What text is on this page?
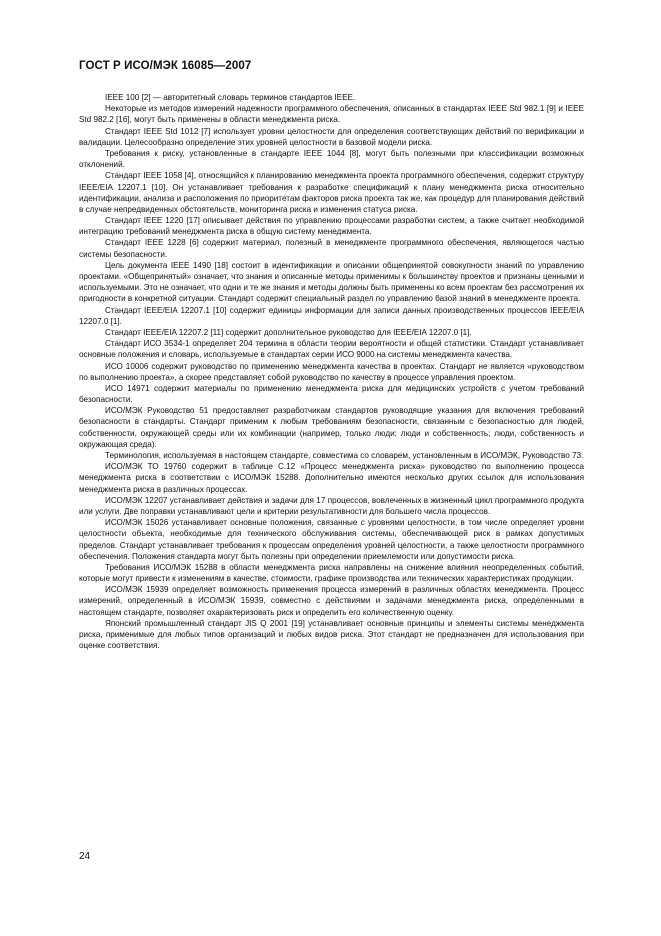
ГОСТ Р ИСО/МЭК 16085—2007

IEEE 100 [2] — авторитетный словарь терминов стандартов IEEE.

Некоторые из методов измерений надежности программного обеспечения, описанных в стандартах IEEE Std 982.1 [9] и IEEE Std 982.2 [16], могут быть применены в области менеджмента риска.

Стандарт IEEE Std 1012 [7] использует уровни целостности для определения соответствующих действий по верификации и валидации. Целесообразно определение этих уровней целостности в базовой модели риска.

Требования к риску, установленные в стандарте IEEE 1044 [8], могут быть полезными при классификации возможных отклонений.

Стандарт IEEE 1058 [4], относящийся к планированию менеджмента проекта программного обеспечения, содержит структуру IEEE/EIA 12207.1 [10]. Он устанавливает требования к разработке спецификаций к плану менеджмента риска относительно идентификации, анализа и расположения по приоритетам факторов риска проекта так же, как процедур для планирования действий в случае непредвиденных обстоятельств, мониторинга риска и изменения статуса риска.

Стандарт IEEE 1220 [17] описывает действия по управлению процессами разработки систем, а также считает необходимой интеграцию требований менеджмента риска в общую систему менеджмента.

Стандарт IEEE 1228 [6] содержит материал, полезный в менеджменте программного обеспечения, являющегося частью системы безопасности.

Цель документа IEEE 1490 [18] состоит в идентификации и описании общепринятой совокупности знаний по управлению проектами. «Общепринятый» означает, что знания и описанные методы применимы к большинству проектов и признаны ценными и используемыми. Это не означает, что одни и те же знания и методы должны быть применены ко всем проектам без рассмотрения их пригодности в конкретной ситуации. Стандарт содержит специальный раздел по управлению базой знаний в менеджменте проекта.

Стандарт IEEE/EIA 12207.1 [10] содержит единицы информации для записи данных производственных процессов IEEE/EIA 12207.0 [1].

Стандарт IEEE/EIA 12207.2 [11] содержит дополнительное руководство для IEEE/EIA 12207.0 [1].

Стандарт ИСО 3534-1 определяет 204 термина в области теории вероятности и общей статистики. Стандарт устанавливает основные положения и словарь, используемые в стандартах серии ИСО 9000 на системы менеджмента качества.

ИСО 10006 содержит руководство по применению менеджмента качества в проектах. Стандарт не является «руководством по выполнению проекта», а скорее представляет собой руководство по качеству в процессе управления проектом.

ИСО 14971 содержит материалы по применению менеджмента риска для медицинских устройств с учетом требований безопасности.

ИСО/МЭК Руководство 51 предоставляет разработчикам стандартов руководящие указания для включения требований безопасности в стандарты. Стандарт применим к любым требованиям безопасности, связанным с безопасностью для людей, собственности, окружающей среды или их комбинации (например, только люди; люди и собственность; люди, собственность и окружающая среда).

Терминология, используемая в настоящем стандарте, совместима со словарем, установленным в ИСО/МЭК, Руководство 73.

ИСО/МЭК ТО 19760 содержит в таблице С.12 «Процесс менеджмента риска» руководство по выполнению процесса менеджмента риска в соответствии с ИСО/МЭК 15288. Дополнительно имеются несколько других ссылок для использования менеджмента риска в различных процессах.

ИСО/МЭК 12207 устанавливает действия и задачи для 17 процессов, вовлеченных в жизненный цикл программного продукта или услуги. Две поправки устанавливают цели и критерии результативности для большего числа процессов.

ИСО/МЭК 15026 устанавливает основные положения, связанные с уровнями целостности, в том числе определяет уровни целостности объекта, необходимые для технического обслуживания системы, обеспечивающей риск в рамках допустимых пределов. Стандарт устанавливает требования к процессам определения уровней целостности, а также целостности программного обеспечения. Положения стандарта могут быть полезны при определении приемлемости или допустимости риска.

Требования ИСО/МЭК 15288 в области менеджмента риска направлены на снижение влияния неопределенных событий, которые могут привести к изменениям в качестве, стоимости, графике производства или технических характеристиках продукции.

ИСО/МЭК 15939 определяет возможность применения процесса измерений в различных областях менеджмента. Процесс измерений, определенный в ИСО/МЭК 15939, совместно с действиями и задачами менеджмента риска, определенными в настоящем стандарте, позволяет охарактеризовать риск и определить его количественную оценку.

Японский промышленный стандарт JIS Q 2001 [19] устанавливает основные принципы и элементы системы менеджмента риска, применимые для любых типов организаций и любых видов риска. Этот стандарт не предназначен для использования при оценке соответствия.

24
